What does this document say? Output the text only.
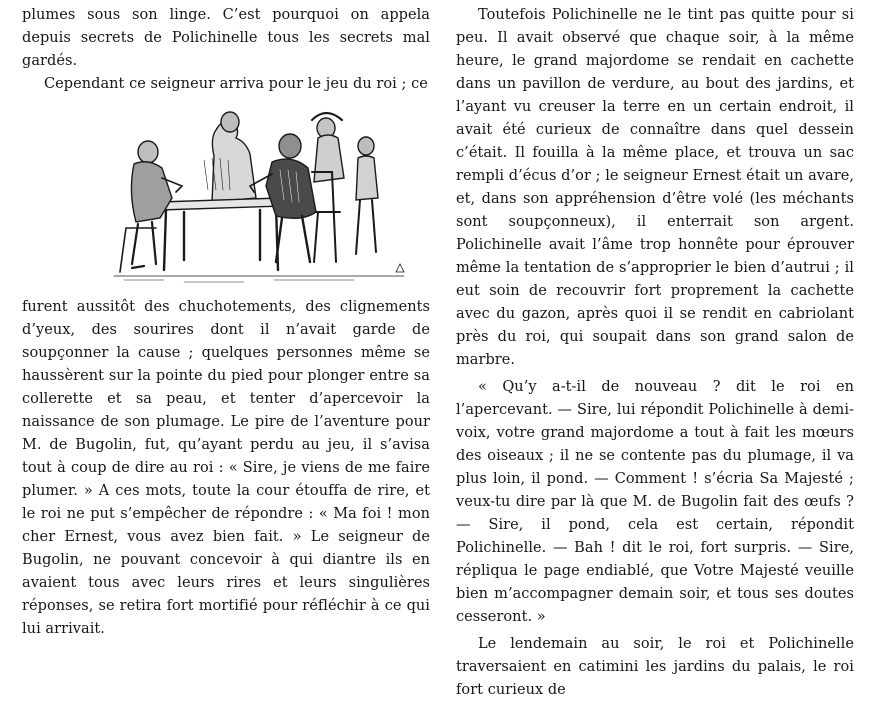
plumes sous son linge. C’est pourquoi on appela depuis secrets de Polichinelle tous les secrets mal gardés.

Cependant ce seigneur arriva pour le jeu du roi ; ce

furent aussitôt des chuchotements, des clignements d’yeux, des sourires dont il n’avait garde de soupçonner la cause ; quelques personnes même se haussèrent sur la pointe du pied pour plonger entre sa collerette et sa peau, et tenter d’apercevoir la naissance de son plumage. Le pire de l’aventure pour M. de Bugolin, fut, qu’ayant perdu au jeu, il s’avisa tout à coup de dire au roi : « Sire, je viens de me faire plumer. » A ces mots, toute la cour étouffa de rire, et le roi ne put s’empêcher de répondre : « Ma foi ! mon cher Ernest, vous avez bien fait. » Le seigneur de Bugolin, ne pouvant concevoir à qui diantre ils en avaient tous avec leurs rires et leurs singulières réponses, se retira fort mortifié pour réfléchir à ce qui lui arrivait.

Toutefois Polichinelle ne le tint pas quitte pour si peu. Il avait observé que chaque soir, à la même heure, le grand majordome se rendait en cachette dans un pavillon de verdure, au bout des jardins, et l’ayant vu creuser la terre en un certain endroit, il avait été curieux de connaître dans quel dessein c’était. Il fouilla à la même place, et trouva un sac rempli d’écus d’or ; le seigneur Ernest était un avare, et, dans son appréhension d’être volé (les méchants sont soupçonneux), il enterrait son argent. Polichinelle avait l’âme trop honnête pour éprouver même la tentation de s’approprier le bien d’autrui ; il eut soin de recouvrir fort proprement la cachette avec du gazon, après quoi il se rendit en cabriolant près du roi, qui soupait dans son grand salon de marbre.

« Qu’y a-t-il de nouveau ? dit le roi en l’apercevant. — Sire, lui répondit Polichinelle à demi-voix, votre grand majordome a tout à fait les mœurs des oiseaux ; il ne se contente pas du plumage, il va plus loin, il pond. — Comment ! s’écria Sa Majesté ; veux-tu dire par là que M. de Bugolin fait des œufs ? — Sire, il pond, cela est certain, répondit Polichinelle. — Bah ! dit le roi, fort surpris. — Sire, répliqua le page endiablé, que Votre Majesté veuille bien m’accompagner demain soir, et tous ses doutes cesseront. »

Le lendemain au soir, le roi et Polichinelle traversaient en catimini les jardins du palais, le roi fort curieux de
